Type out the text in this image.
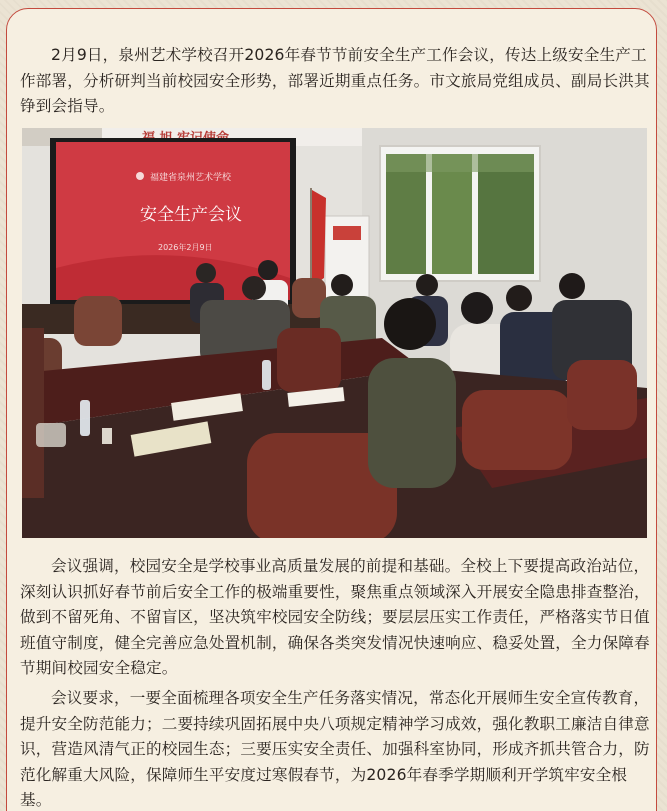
2月9日，泉州艺术学校召开2026年春节节前安全生产工作会议，传达上级安全生产工作部署，分析研判当前校园安全形势，部署近期重点任务。市文旅局党组成员、副局长洪其铮到会指导。

福建省泉州艺术学校
安全生产会议
2026年2月9日

会议强调，校园安全是学校事业高质量发展的前提和基础。全校上下要提高政治站位，深刻认识抓好春节前后安全工作的极端重要性，聚焦重点领域深入开展安全隐患排查整治，做到不留死角、不留盲区，坚决筑牢校园安全防线；要层层压实工作责任，严格落实节日值班值守制度，健全完善应急处置机制，确保各类突发情况快速响应、稳妥处置，全力保障春节期间校园安全稳定。

会议要求，一要全面梳理各项安全生产任务落实情况，常态化开展师生安全宣传教育，提升安全防范能力；二要持续巩固拓展中央八项规定精神学习成效，强化教职工廉洁自律意识，营造风清气正的校园生态；三要压实安全责任、加强科室协同，形成齐抓共管合力，防范化解重大风险，保障师生平安度过寒假春节，为2026年春季学期顺利开学筑牢安全根基。
